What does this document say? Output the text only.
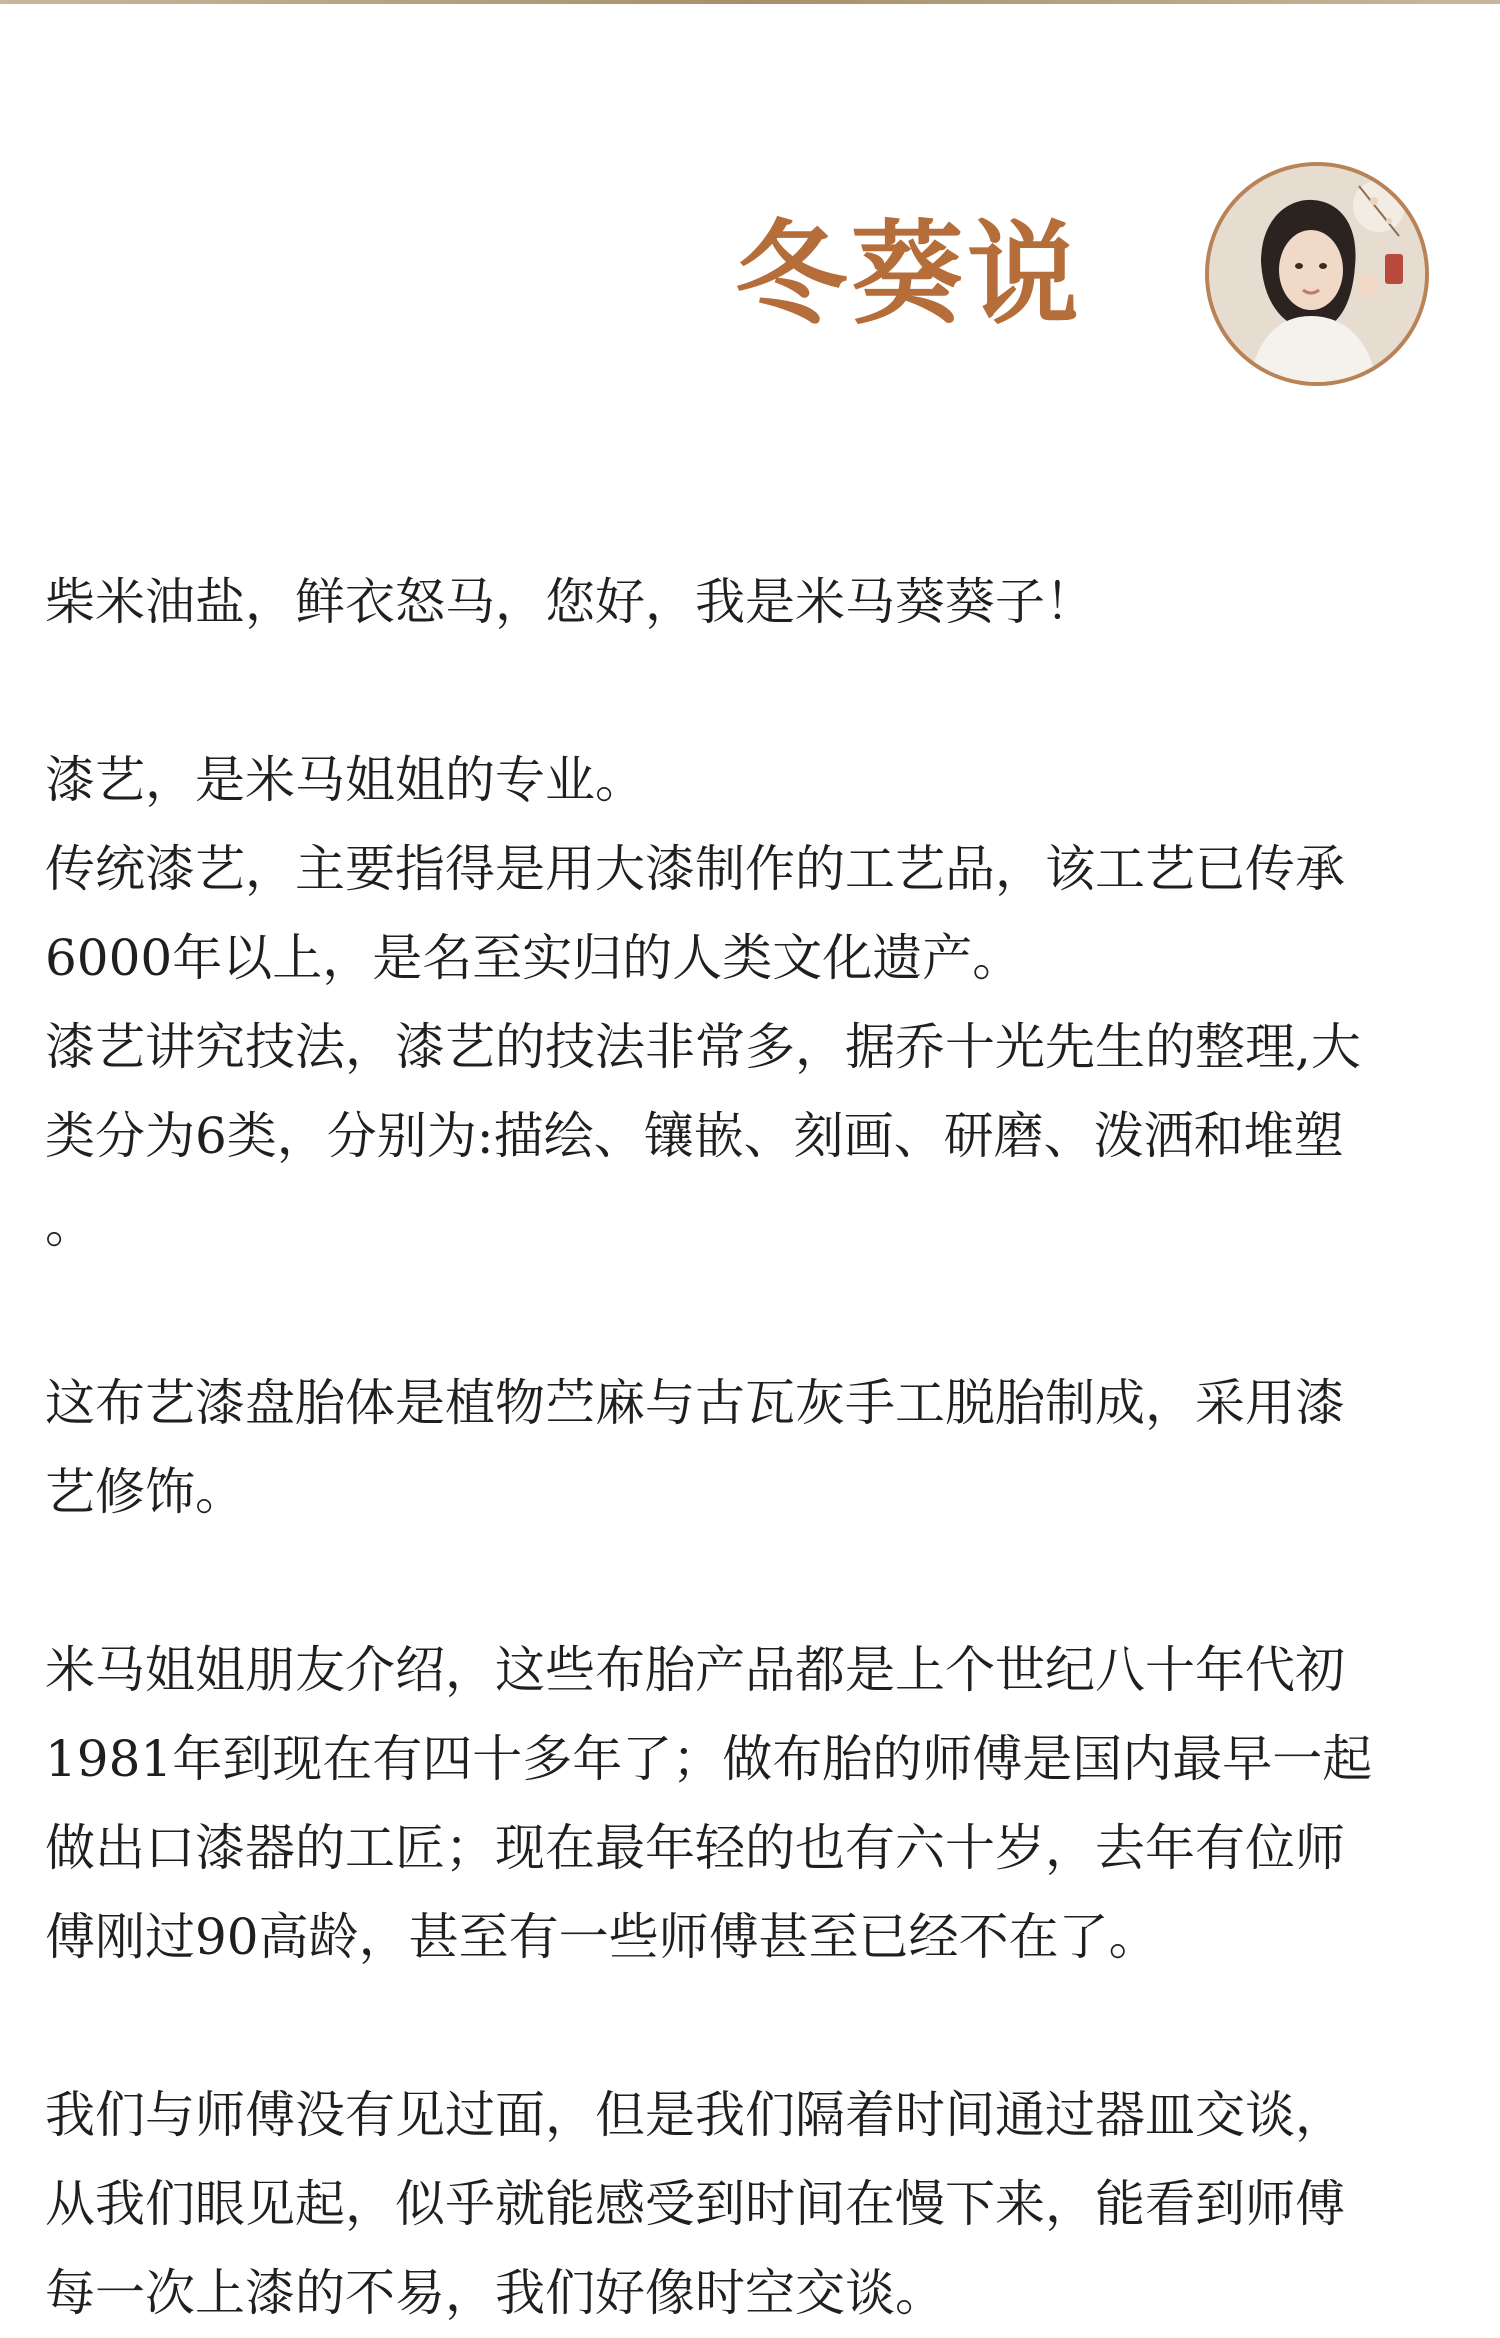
冬葵说

柴米油盐，鲜衣怒马，您好，我是米马葵葵子！

漆艺，是米马姐姐的专业。

传统漆艺，主要指得是用大漆制作的工艺品，该工艺已传承
6000年以上，是名至实归的人类文化遗产。

漆艺讲究技法，漆艺的技法非常多，据乔十光先生的整理,大
类分为6类，分别为:描绘、镶嵌、刻画、研磨、泼洒和堆塑
。

这布艺漆盘胎体是植物苎麻与古瓦灰手工脱胎制成，采用漆
艺修饰。

米马姐姐朋友介绍，这些布胎产品都是上个世纪八十年代初
1981年到现在有四十多年了；做布胎的师傅是国内最早一起
做出口漆器的工匠；现在最年轻的也有六十岁，去年有位师
傅刚过90高龄，甚至有一些师傅甚至已经不在了。

我们与师傅没有见过面，但是我们隔着时间通过器皿交谈，
从我们眼见起，似乎就能感受到时间在慢下来，能看到师傅
每一次上漆的不易，我们好像时空交谈。
